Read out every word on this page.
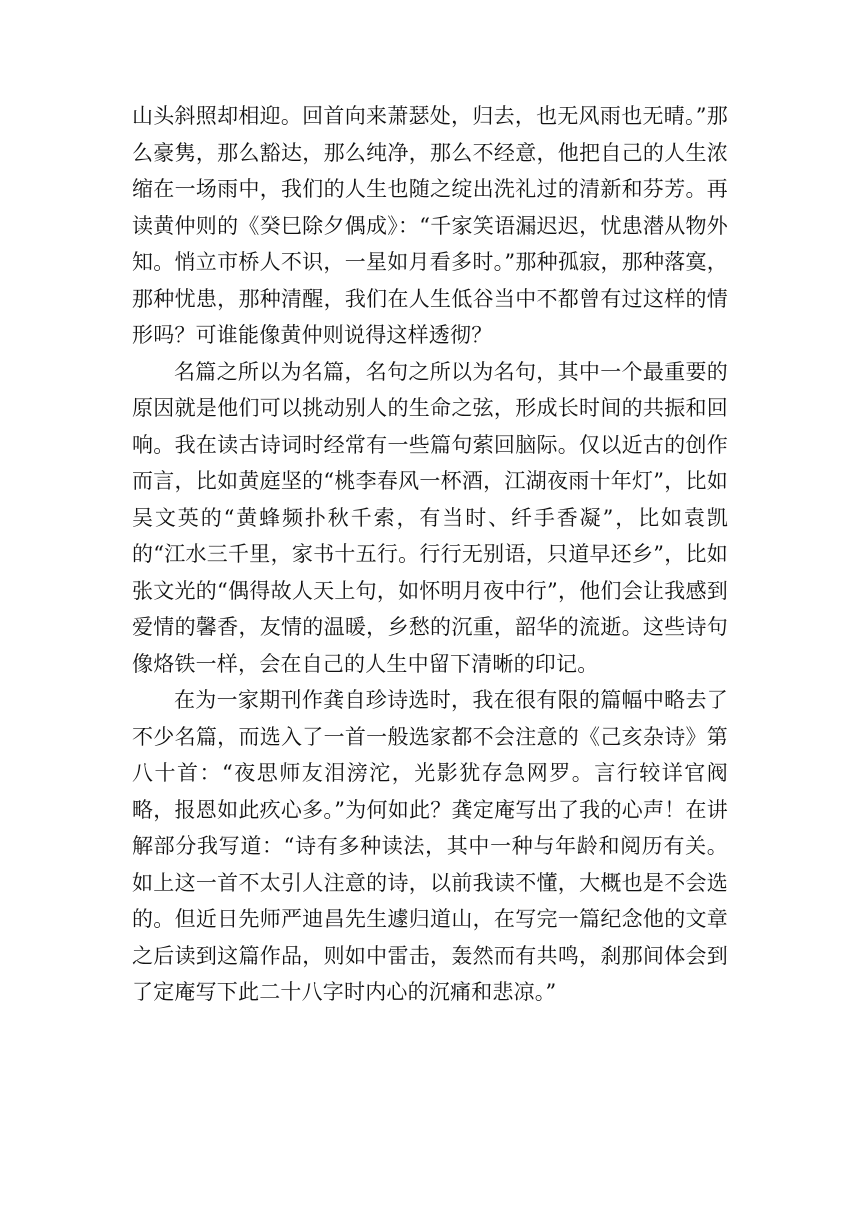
山头斜照却相迎。回首向来萧瑟处，归去，也无风雨也无晴。”那么豪隽，那么豁达，那么纯净，那么不经意，他把自己的人生浓缩在一场雨中，我们的人生也随之绽出洗礼过的清新和芬芳。再读黄仲则的《癸巳除夕偶成》：“千家笑语漏迟迟，忧患潜从物外知。悄立市桥人不识，一星如月看多时。”那种孤寂，那种落寞，那种忧患，那种清醒，我们在人生低谷当中不都曾有过这样的情形吗？可谁能像黄仲则说得这样透彻？

名篇之所以为名篇，名句之所以为名句，其中一个最重要的原因就是他们可以挑动别人的生命之弦，形成长时间的共振和回响。我在读古诗词时经常有一些篇句萦回脑际。仅以近古的创作而言，比如黄庭坚的“桃李春风一杯酒，江湖夜雨十年灯”，比如吴文英的“黄蜂频扑秋千索，有当时、纤手香凝”，比如袁凯的“江水三千里，家书十五行。行行无别语，只道早还乡”，比如张文光的“偶得故人天上句，如怀明月夜中行”，他们会让我感到爱情的馨香，友情的温暖，乡愁的沉重，韶华的流逝。这些诗句像烙铁一样，会在自己的人生中留下清晰的印记。

在为一家期刊作龚自珍诗选时，我在很有限的篇幅中略去了不少名篇，而选入了一首一般选家都不会注意的《己亥杂诗》第八十首：“夜思师友泪滂沱，光影犹存急网罗。言行较详官阀略，报恩如此疚心多。”为何如此？龚定庵写出了我的心声！在讲解部分我写道：“诗有多种读法，其中一种与年龄和阅历有关。如上这一首不太引人注意的诗，以前我读不懂，大概也是不会选的。但近日先师严迪昌先生遽归道山，在写完一篇纪念他的文章之后读到这篇作品，则如中雷击，轰然而有共鸣，刹那间体会到了定庵写下此二十八字时内心的沉痛和悲凉。”
